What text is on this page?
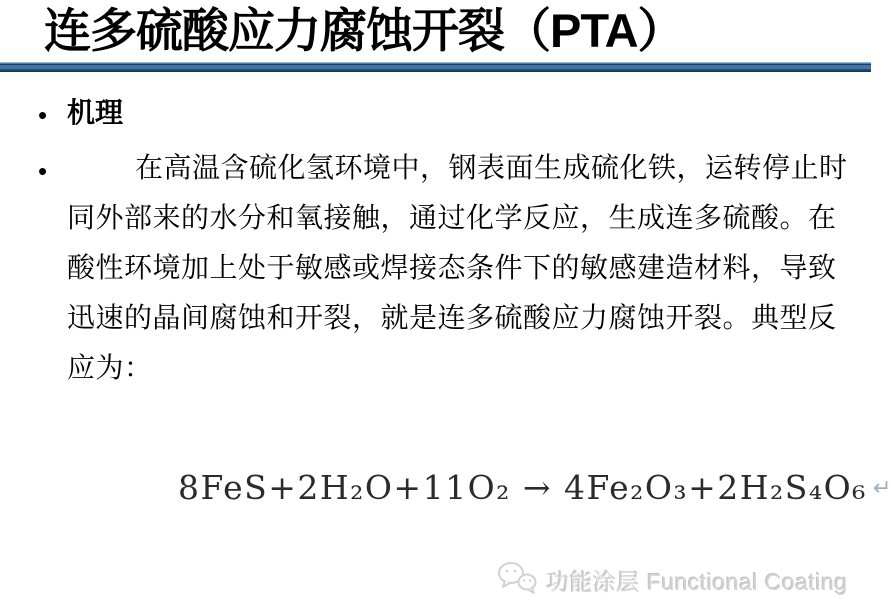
连多硫酸应力腐蚀开裂（PTA）
• 机理
•	在高温含硫化氢环境中，钢表面生成硫化铁，运转停止时
同外部来的水分和氧接触，通过化学反应，生成连多硫酸。在
酸性环境加上处于敏感或焊接态条件下的敏感建造材料，导致
迅速的晶间腐蚀和开裂，就是连多硫酸应力腐蚀开裂。典型反
应为：
8FeS+2H₂O+11O₂ → 4Fe₂O₃+2H₂S₄O₆ ↵
功能涂层 Functional Coating
